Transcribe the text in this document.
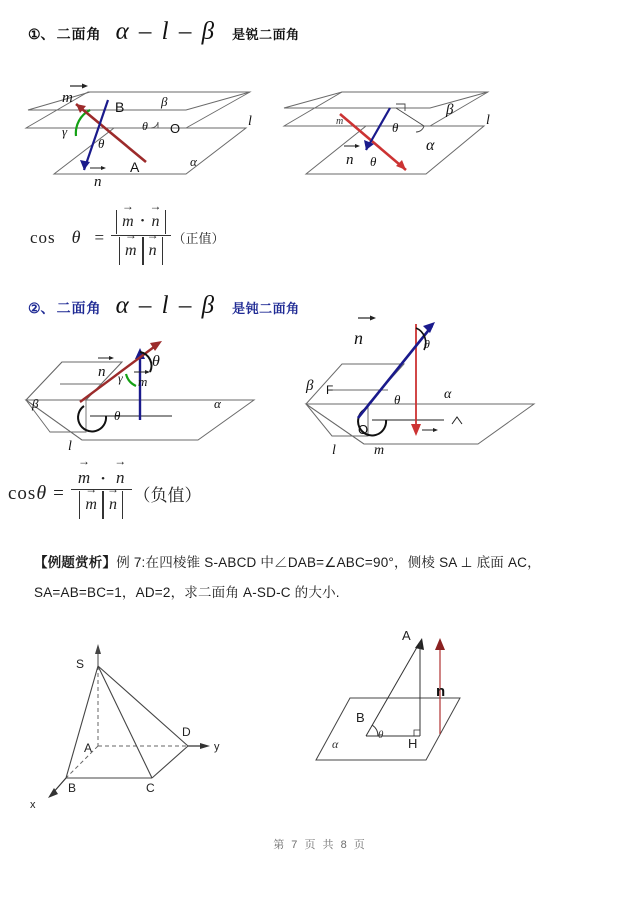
①、 二面角 α – l – β 是锐二面角
m
n
l
A
B
O
α
β
γ
θ
θ	m
n
l
α
β
θ
θ
cos θ = → m • → n
→ m → n （正值）
②、 二面角 α – l – β 是钝二面角
n
m
γ
θ
θ
β	α
l
n	θ
θ
F
O
β
α
l	m
cos θ = → m • → n
→ m → n （负值）
【例题赏析】例 7:在四棱锥 S-ABCD 中∠DAB=∠ABC=90°，侧棱 SA ⊥ 底面 AC，
SA=AB=BC=1，AD=2，求二面角 A-SD-C 的大小.
S
A
B	C
D
y
x
A
B
H
n
α
θ
第 7 页 共 8 页
